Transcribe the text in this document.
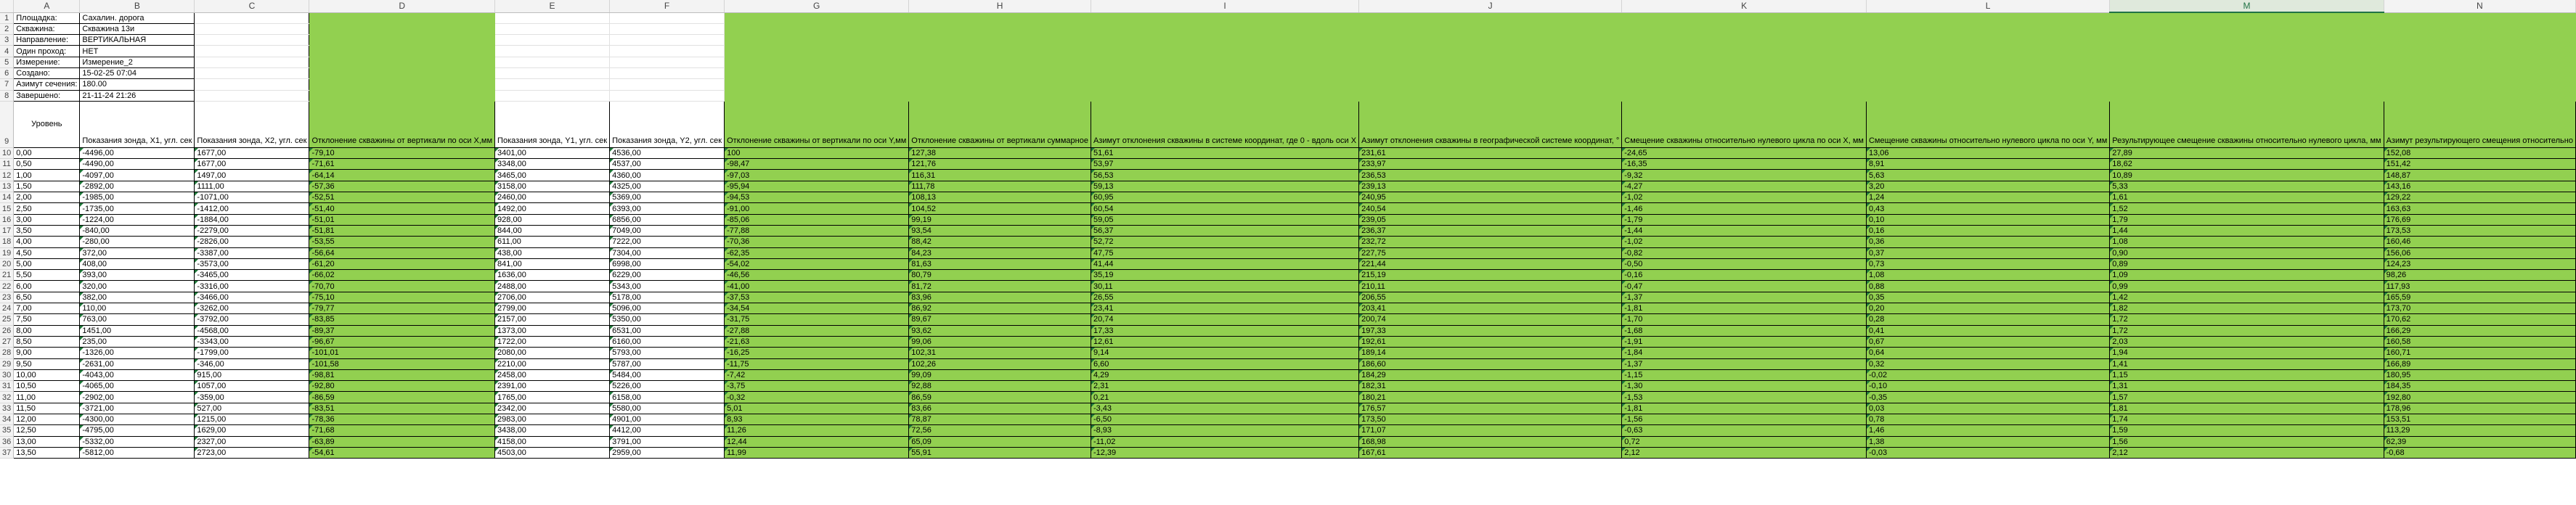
	A	B	C	D	E	F	G	H	I	J	K	L	M	N
1	Площадка:	Сахалин. дорога												
2	Скважина:	Скважина 13и												
3	Направление:	ВЕРТИКАЛЬНАЯ												
4	Один проход:	НЕТ												
5	Измерение:	Измерение_2												
6	Создано:	15-02-25 07:04												
7	Азимут сечения:	180.00												
8	Завершено:	21-11-24 21:26												
9	Уровень	Показания зонда, X1, угл. сек	Показания зонда, X2, угл. сек	Отклонение скважины от вертикали по оси X,мм	Показания зонда, Y1, угл. сек	Показания зонда, Y2, угл. сек	Отклонение скважины от вертикали по оси Y,мм	Отклонение скважины от вертикали суммарное	Азимут отклонения скважины в системе координат, где 0 - вдоль оси X	Азимут отклонения скважины в географической системе координат, °	Смещение скважины относительно нулевого цикла по оси X, мм	Смещение скважины относительно нулевого цикла по оси Y, мм	Результирующее смещение скважины относительно нулевого цикла, мм	Азимут результирующего смещения относительно
10	0,00	-4496,00	1677,00	-79,10	3401,00	4536,00	100	127,38	51,61	231,61	-24,65	13,06	27,89	152,08
11	0,50	-4490,00	1677,00	-71,61	3348,00	4537,00	-98,47	121,76	53,97	233,97	-16,35	8,91	18,62	151,42
12	1,00	-4097,00	1497,00	-64,14	3465,00	4360,00	-97,03	116,31	56,53	236,53	-9,32	5,63	10,89	148,87
13	1,50	-2892,00	1111,00	-57,36	3158,00	4325,00	-95,94	111,78	59,13	239,13	-4,27	3,20	5,33	143,16
14	2,00	-1985,00	-1071,00	-52,51	2460,00	5369,00	-94,53	108,13	60,95	240,95	-1,02	1,24	1,61	129,22
15	2,50	-1735,00	-1412,00	-51,40	1492,00	6393,00	-91,00	104,52	60,54	240,54	-1,46	0,43	1,52	163,63
16	3,00	-1224,00	-1884,00	-51,01	928,00	6856,00	-85,06	99,19	59,05	239,05	-1,79	0,10	1,79	176,69
17	3,50	-840,00	-2279,00	-51,81	844,00	7049,00	-77,88	93,54	56,37	236,37	-1,44	0,16	1,44	173,53
18	4,00	-280,00	-2826,00	-53,55	611,00	7222,00	-70,36	88,42	52,72	232,72	-1,02	0,36	1,08	160,46
19	4,50	372,00	-3387,00	-56,64	438,00	7304,00	-62,35	84,23	47,75	227,75	-0,82	0,37	0,90	156,06
20	5,00	408,00	-3573,00	-61,20	841,00	6998,00	-54,02	81,63	41,44	221,44	-0,50	0,73	0,89	124,23
21	5,50	393,00	-3465,00	-66,02	1636,00	6229,00	-46,56	80,79	35,19	215,19	-0,16	1,08	1,09	98,26
22	6,00	320,00	-3316,00	-70,70	2488,00	5343,00	-41,00	81,72	30,11	210,11	-0,47	0,88	0,99	117,93
23	6,50	382,00	-3466,00	-75,10	2706,00	5178,00	-37,53	83,96	26,55	206,55	-1,37	0,35	1,42	165,59
24	7,00	110,00	-3262,00	-79,77	2799,00	5096,00	-34,54	86,92	23,41	203,41	-1,81	0,20	1,82	173,70
25	7,50	763,00	-3792,00	-83,85	2157,00	5350,00	-31,75	89,67	20,74	200,74	-1,70	0,28	1,72	170,62
26	8,00	1451,00	-4568,00	-89,37	1373,00	6531,00	-27,88	93,62	17,33	197,33	-1,68	0,41	1,72	166,29
27	8,50	235,00	-3343,00	-96,67	1722,00	6160,00	-21,63	99,06	12,61	192,61	-1,91	0,67	2,03	160,58
28	9,00	-1326,00	-1799,00	-101,01	2080,00	5793,00	-16,25	102,31	9,14	189,14	-1,84	0,64	1,94	160,71
29	9,50	-2631,00	-346,00	-101,58	2210,00	5787,00	-11,75	102,26	6,60	186,60	-1,37	0,32	1,41	166,89
30	10,00	-4043,00	915,00	-98,81	2458,00	5484,00	-7,42	99,09	4,29	184,29	-1,15	-0,02	1,15	180,95
31	10,50	-4065,00	1057,00	-92,80	2391,00	5226,00	-3,75	92,88	2,31	182,31	-1,30	-0,10	1,31	184,35
32	11,00	-2902,00	-359,00	-86,59	1765,00	6158,00	-0,32	86,59	0,21	180,21	-1,53	-0,35	1,57	192,80
33	11,50	-3721,00	527,00	-83,51	2342,00	5580,00	5,01	83,66	-3,43	176,57	-1,81	0,03	1,81	178,96
34	12,00	-4300,00	1215,00	-78,36	2983,00	4901,00	8,93	78,87	-6,50	173,50	-1,56	0,78	1,74	153,51
35	12,50	-4795,00	1629,00	-71,68	3438,00	4412,00	11,26	72,56	-8,93	171,07	-0,63	1,46	1,59	113,29
36	13,00	-5332,00	2327,00	-63,89	4158,00	3791,00	12,44	65,09	-11,02	168,98	0,72	1,38	1,56	62,39
37	13,50	-5812,00	2723,00	-54,61	4503,00	2959,00	11,99	55,91	-12,39	167,61	2,12	-0,03	2,12	-0,68
